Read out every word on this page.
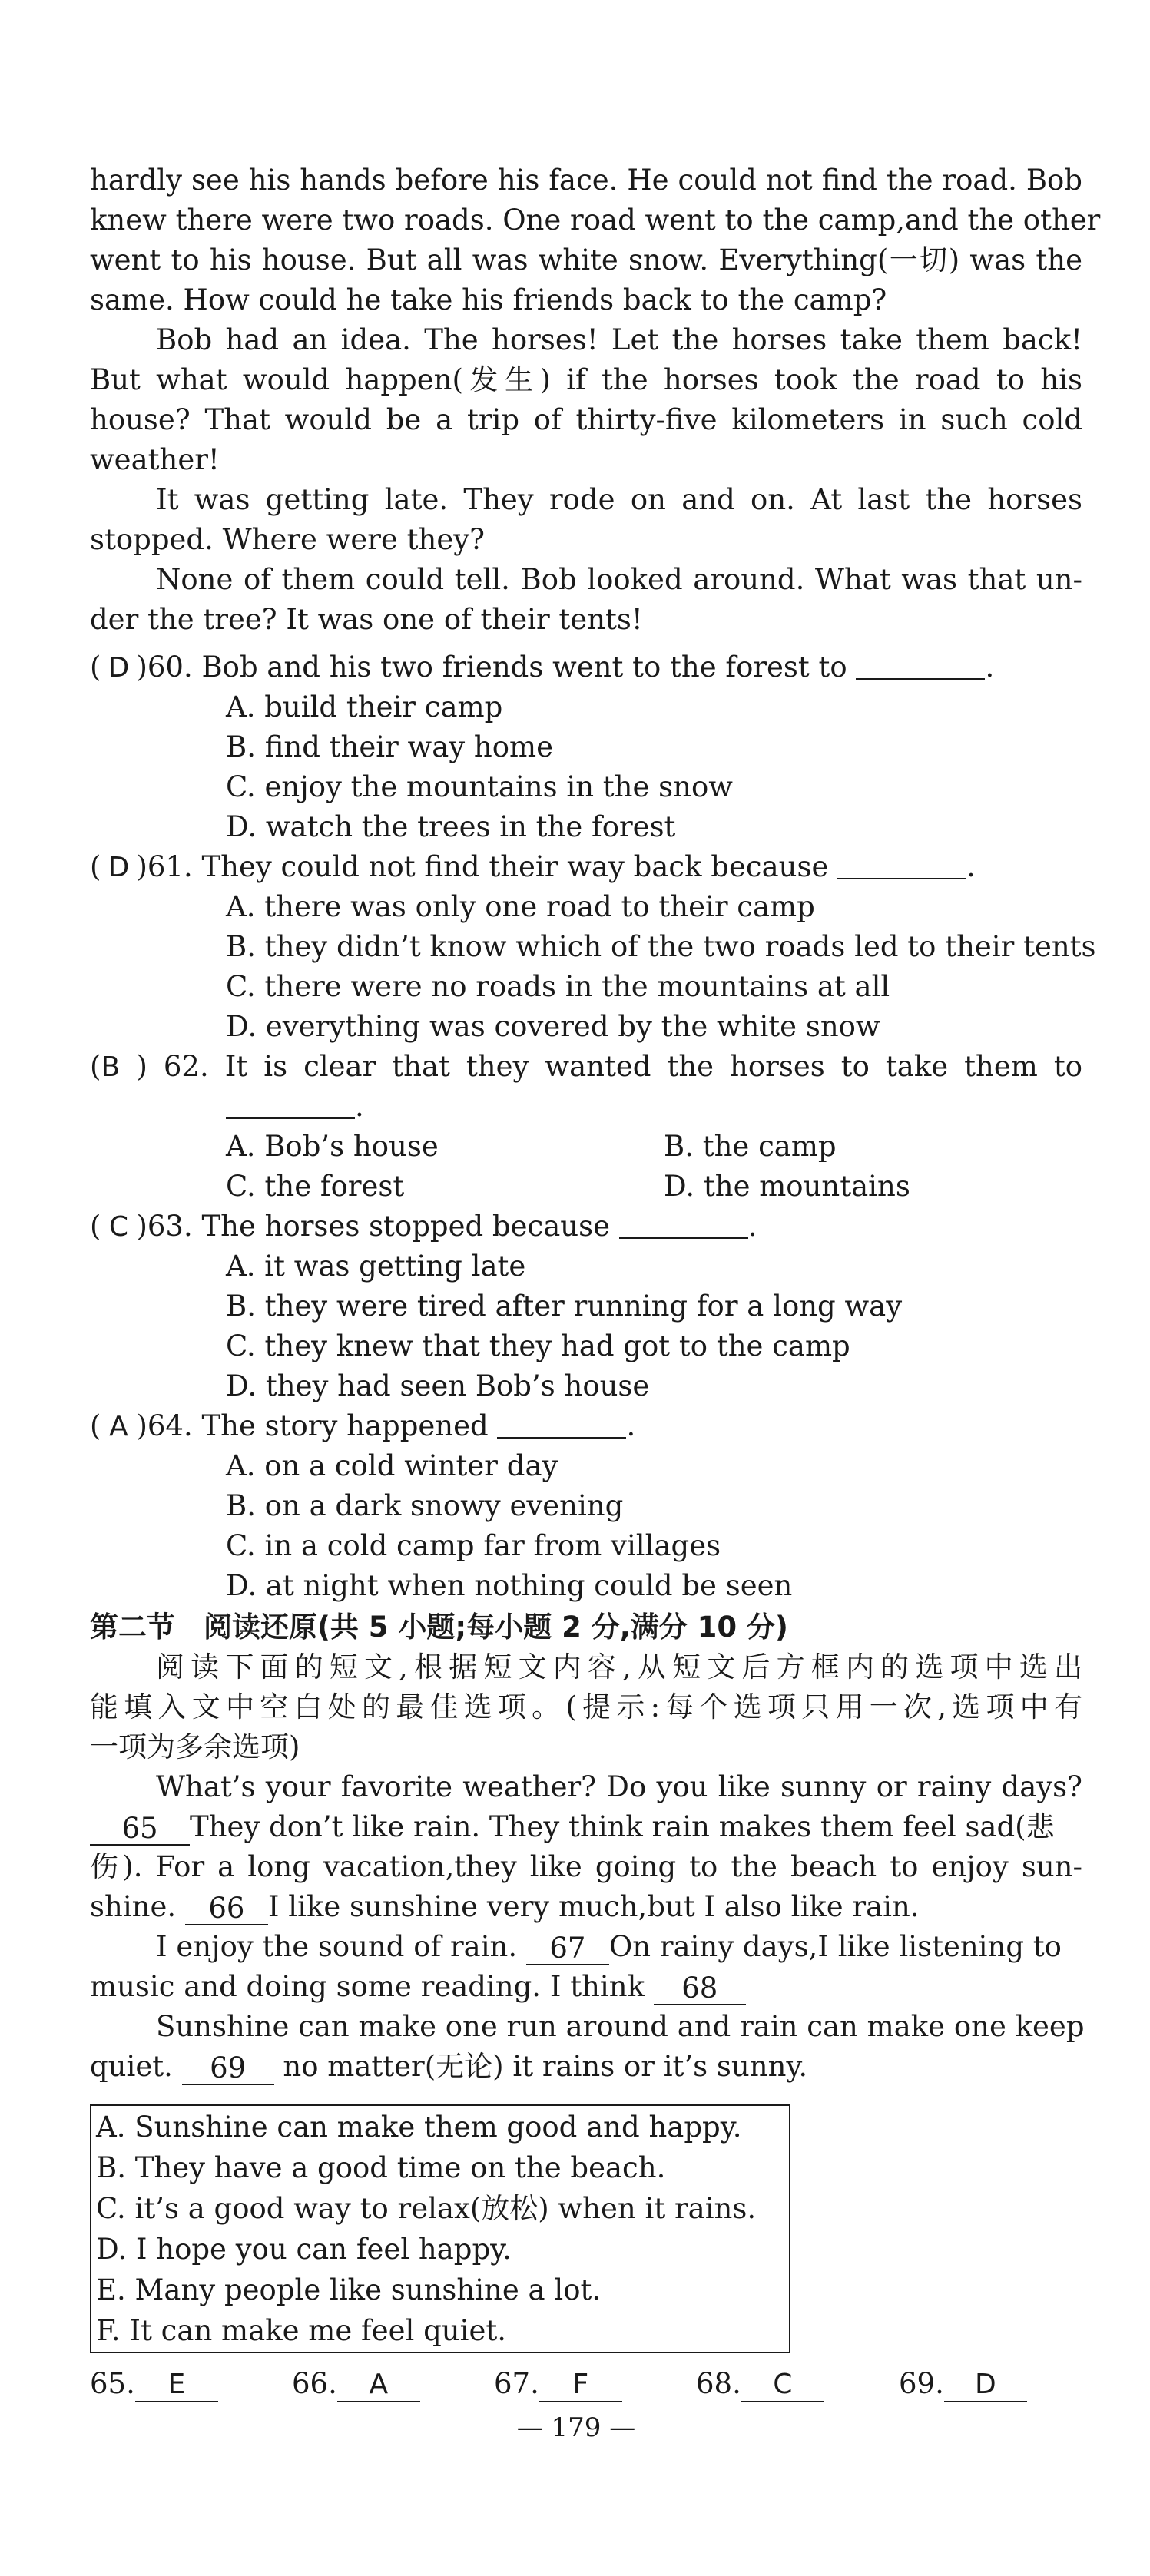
hardly see his hands before his face. He could not find the road. Bob
knew there were two roads. One road went to the camp,and the other
went to his house. But all was white snow. Everything(一切) was the
same. How could he take his friends back to the camp?
Bob had an idea. The horses! Let the horses take them back!
But what would happen(发生) if the horses took the road to his
house? That would be a trip of thirty-five kilometers in such cold
weather!
It was getting late. They rode on and on. At last the horses
stopped. Where were they?
None of them could tell. Bob looked around. What was that un-
der the tree? It was one of their tents!
( D )60. Bob and his two friends went to the forest to	.
A. build their camp
B. find their way home
C. enjoy the mountains in the snow
D. watch the trees in the forest
( D )61. They could not find their way back because	.
A. there was only one road to their camp
B. they didn’t know which of the two roads led to their tents
C. there were no roads in the mountains at all
D. everything was covered by the white snow
(B ) 62. It is clear that they wanted the horses to take them to
.
A. Bob’s house	B. the camp
C. the forest	D. the mountains
( C )63. The horses stopped because	.
A. it was getting late
B. they were tired after running for a long way
C. they knew that they had got to the camp
D. they had seen Bob’s house
( A )64. The story happened	.
A. on a cold winter day
B. on a dark snowy evening
C. in a cold camp far from villages
D. at night when nothing could be seen
第二节　阅读还原(共 5 小题;每小题 2 分,满分 10 分)
阅读下面的短文,根据短文内容,从短文后方框内的选项中选出
能填入文中空白处的最佳选项。(提示:每个选项只用一次,选项中有
一项为多余选项)
What’s your favorite weather? Do you like sunny or rainy days?
65 They don’t like rain. They think rain makes them feel sad(悲
伤). For a long vacation,they like going to the beach to enjoy sun-
shine. 66 I like sunshine very much,but I also like rain.
I enjoy the sound of rain. 67 On rainy days,I like listening to
music and doing some reading. I think 68
Sunshine can make one run around and rain can make one keep
quiet. 69 no matter(无论) it rains or it’s sunny.
A. Sunshine can make them good and happy.
B. They have a good time on the beach.
C. it’s a good way to relax(放松) when it rains.
D. I hope you can feel happy.
E. Many people like sunshine a lot.
F. It can make me feel quiet.
65. E	66. A	67. F	68. C	69. D
— 179 —
